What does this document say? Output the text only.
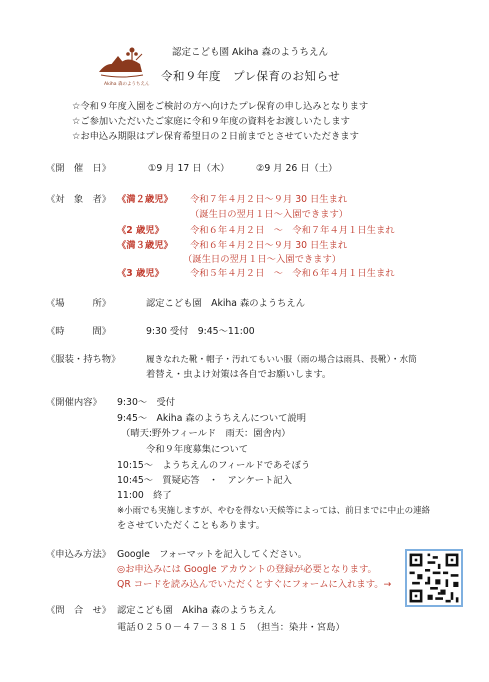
Akiha 森のようちえん
認定こども園 Akiha 森のようちえん
令和９年度　プレ保育のお知らせ
☆令和９年度入園をご検討の方へ向けたプレ保育の申し込みとなります
☆ご参加いただいたご家庭に令和９年度の資料をお渡しいたします
☆お申込み期限はプレ保育希望日の２日前までとさせていただきます
《開　催　日》	①9 月 17 日（木）	②9 月 26 日（土）
《対　象　者》 《満２歳児》 令和７年４月２日～９月 30 日生まれ
（誕生日の翌月１日～入園できます）
《2 歳児》	令和６年４月２日　～　令和７年４月１日生まれ
《満３歳児》 令和６年４月２日～９月 30 日生まれ
（誕生日の翌月１日～入園できます）
《3 歳児》	令和５年４月２日　～　令和６年４月１日生まれ
《場　　　所》	認定こども園　Akiha 森のようちえん
《時　　　間》	9:30 受付　9:45～11:00
《服装・持ち物》	履きなれた靴・帽子・汚れてもいい服（雨の場合は雨具、長靴）・水筒
着替え・虫よけ対策は各自でお願いします。
《開催内容》 9:30～　受付
9:45～　Akiha 森のようちえんについて説明
（晴天:野外フィールド　雨天：園舎内）
令和９年度募集について
10:15～　ようちえんのフィールドであそぼう
10:45～　質疑応答　・　アンケート記入
11:00　終了
※小雨でも実施しますが、やむを得ない天候等によっては、前日までに中止の連絡
をさせていただくこともあります。
《申込み方法》 Google　フォーマットを記入してください。
◎お申込みには Google アカウントの登録が必要となります。
QR コードを読み込んでいただくとすぐにフォームに入れます。→
《問　合　せ》 認定こども園　Akiha 森のようちえん
電話０２５０－４７－３８１５　（担当：染井・宮島）
